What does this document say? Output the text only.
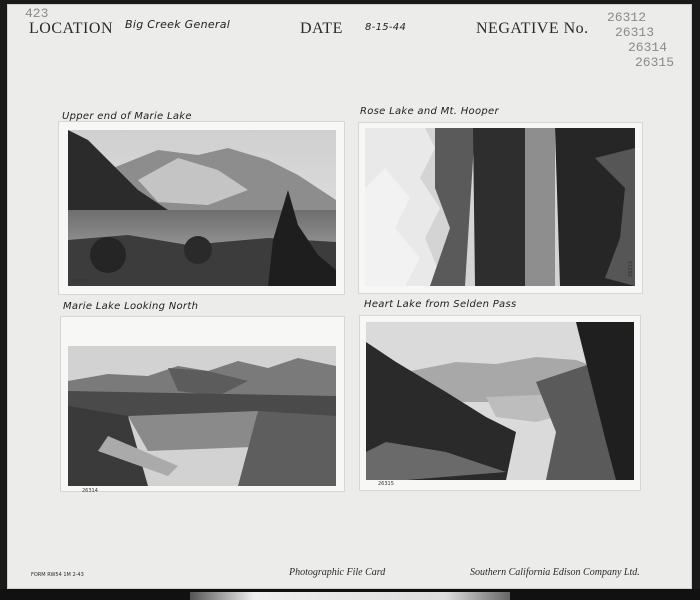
423
LOCATION Big Creek General	DATE 8-15-44	NEGATIVE No.
26312
26313
26314
26315
Upper end of Marie Lake
26312
Rose Lake and Mt. Hooper
26313
Marie Lake Looking North
26314
Heart Lake from Selden Pass
26315
FORM RW54 1M 2-43	Photographic File Card	Southern California Edison Company Ltd.
